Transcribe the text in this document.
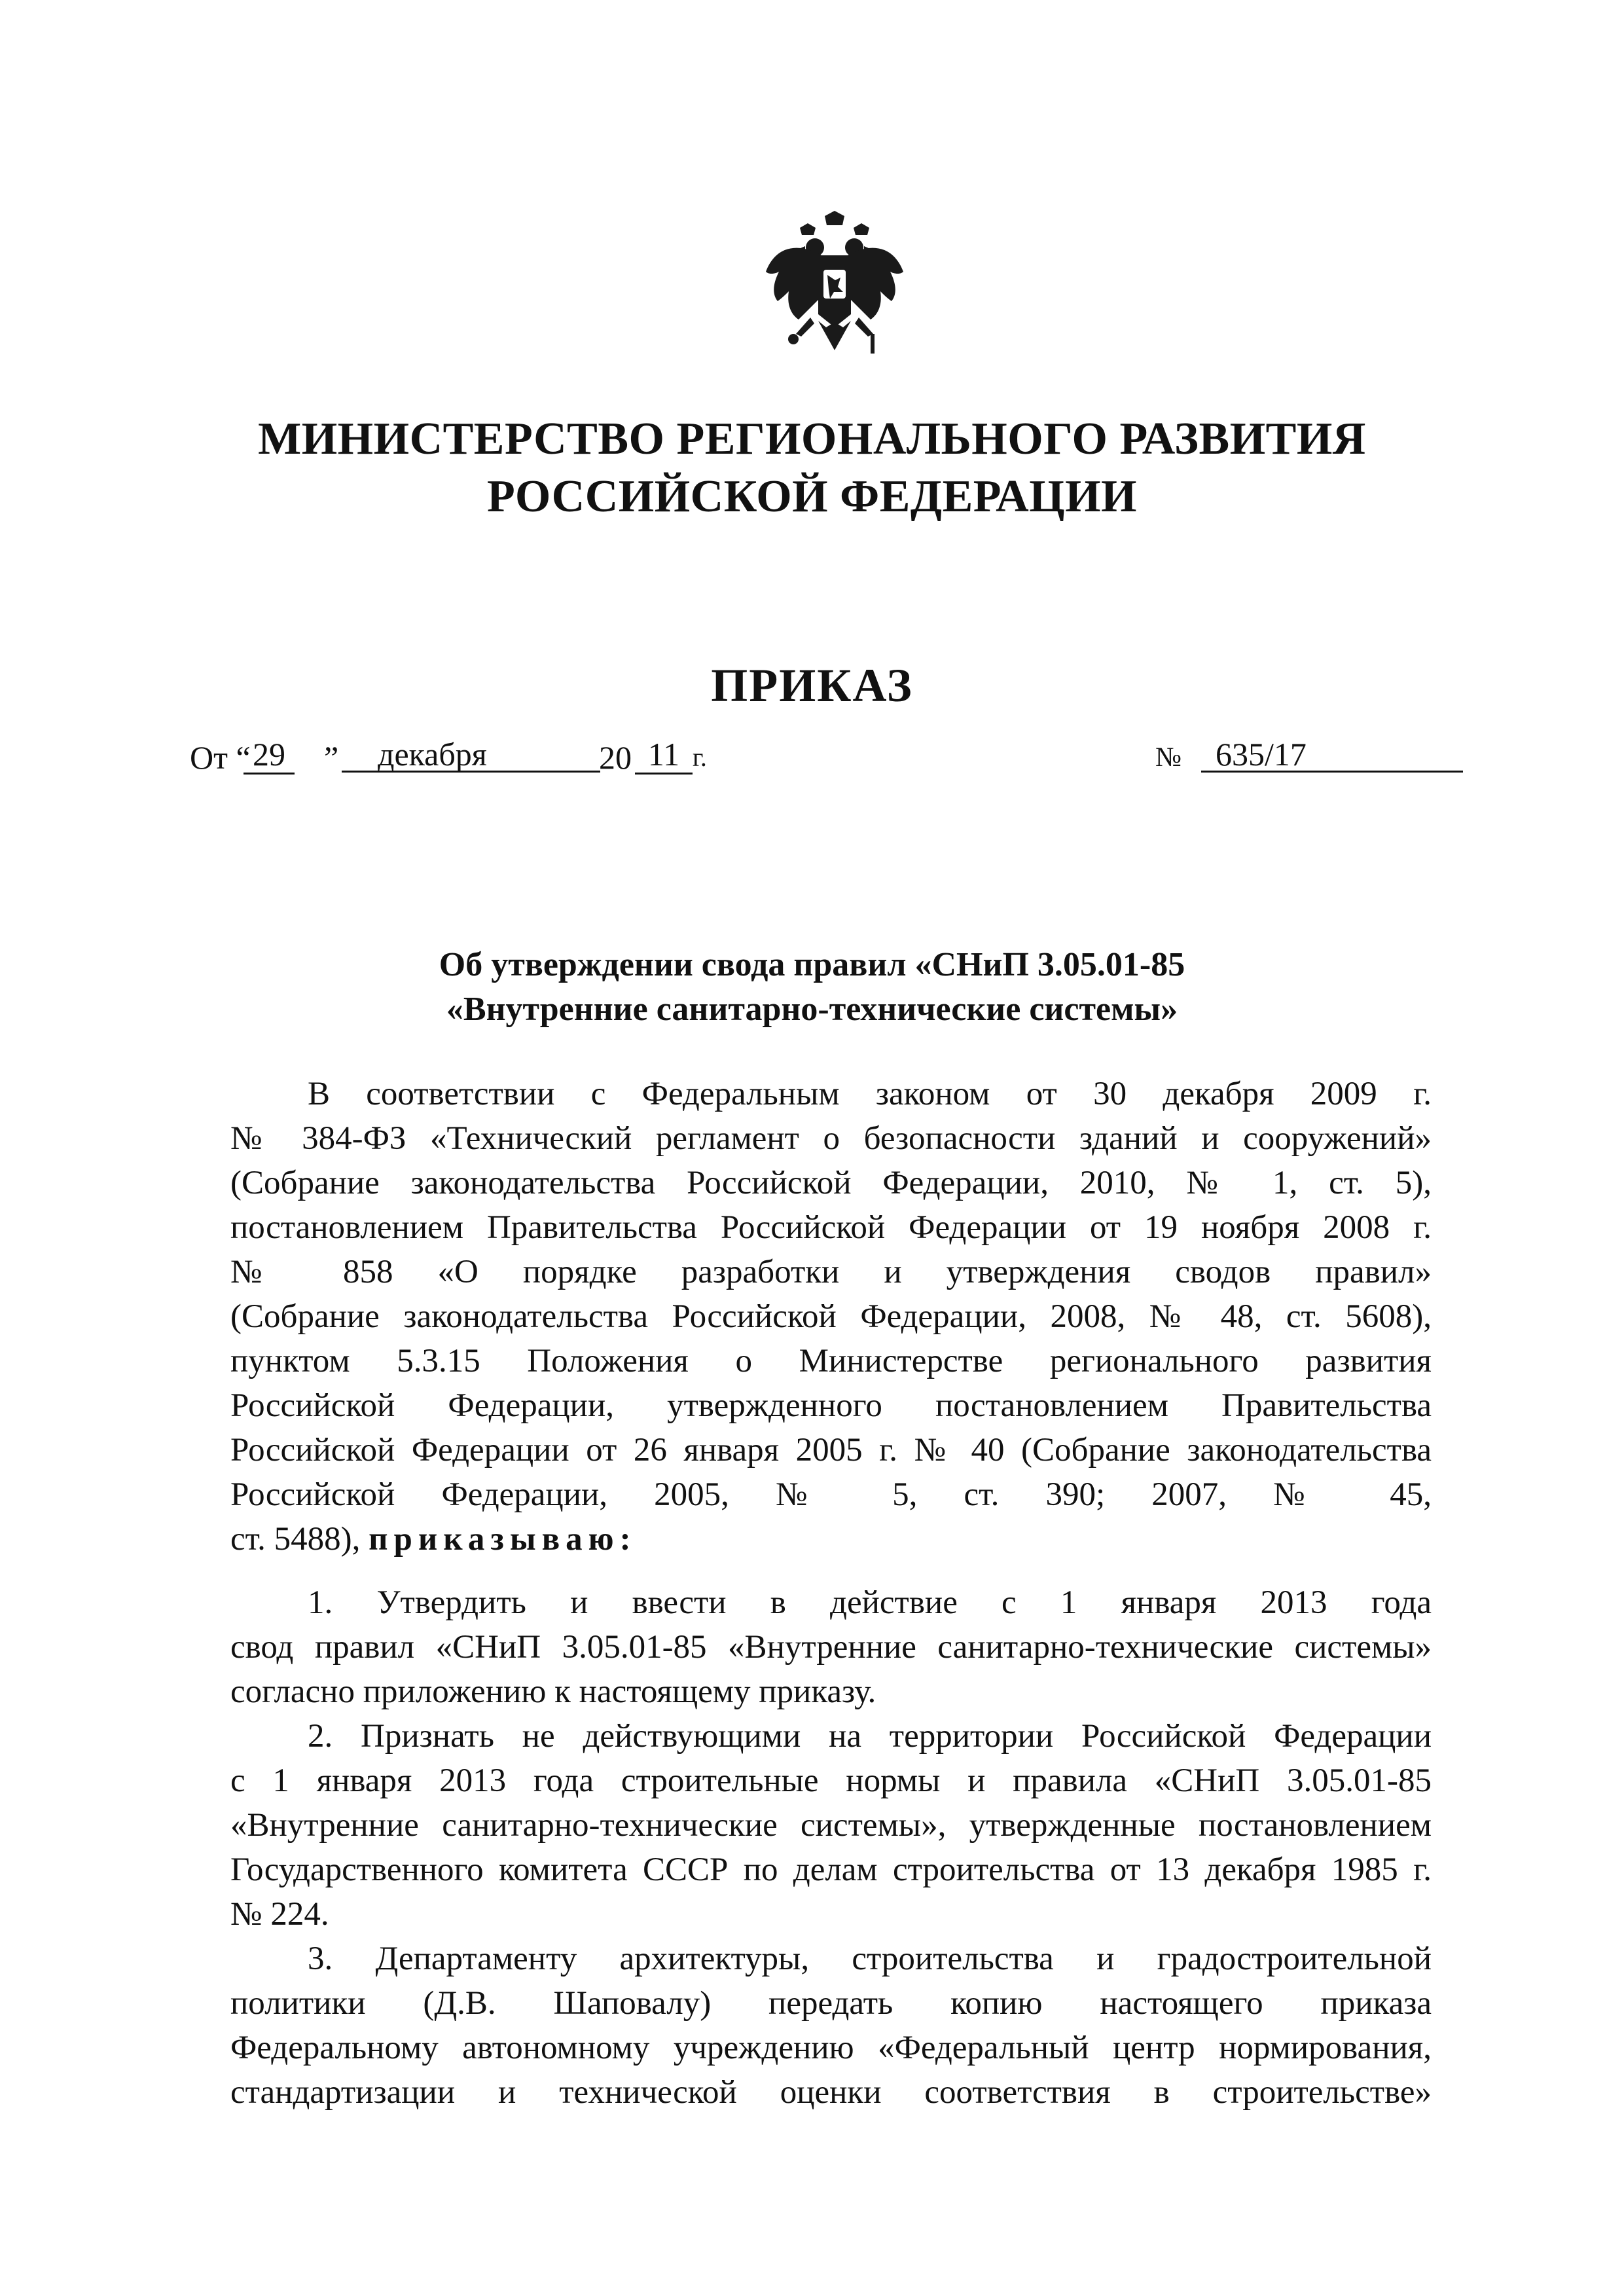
МИНИСТЕРСТВО РЕГИОНАЛЬНОГО РАЗВИТИЯ
РОССИЙСКОЙ ФЕДЕРАЦИИ
ПРИКАЗ
От “ 29 ”	декабря	20 11 г.	№	635/17
Об утверждении свода правил «СНиП 3.05.01-85
«Внутренние санитарно-технические системы»
В соответствии с Федеральным законом от 30 декабря 2009 г.
№ 384-ФЗ «Технический регламент о безопасности зданий и сооружений»
(Собрание законодательства Российской Федерации, 2010, № 1, ст. 5),
постановлением Правительства Российской Федерации от 19 ноября 2008 г.
№ 858 «О порядке разработки и утверждения сводов правил»
(Собрание законодательства Российской Федерации, 2008, № 48, ст. 5608),
пунктом 5.3.15 Положения о Министерстве регионального развития
Российской Федерации, утвержденного постановлением Правительства
Российской Федерации от 26 января 2005 г. № 40 (Собрание законодательства
Российской Федерации, 2005, № 5, ст. 390; 2007, № 45,
ст. 5488), приказываю:
1. Утвердить и ввести в действие с 1 января 2013 года
свод правил «СНиП 3.05.01-85 «Внутренние санитарно-технические системы»
согласно приложению к настоящему приказу.
2. Признать не действующими на территории Российской Федерации
с 1 января 2013 года строительные нормы и правила «СНиП 3.05.01-85
«Внутренние санитарно-технические системы», утвержденные постановлением
Государственного комитета СССР по делам строительства от 13 декабря 1985 г.
№ 224.
3. Департаменту архитектуры, строительства и градостроительной
политики (Д.В. Шаповалу) передать копию настоящего приказа
Федеральному автономному учреждению «Федеральный центр нормирования,
стандартизации и технической оценки соответствия в строительстве»
